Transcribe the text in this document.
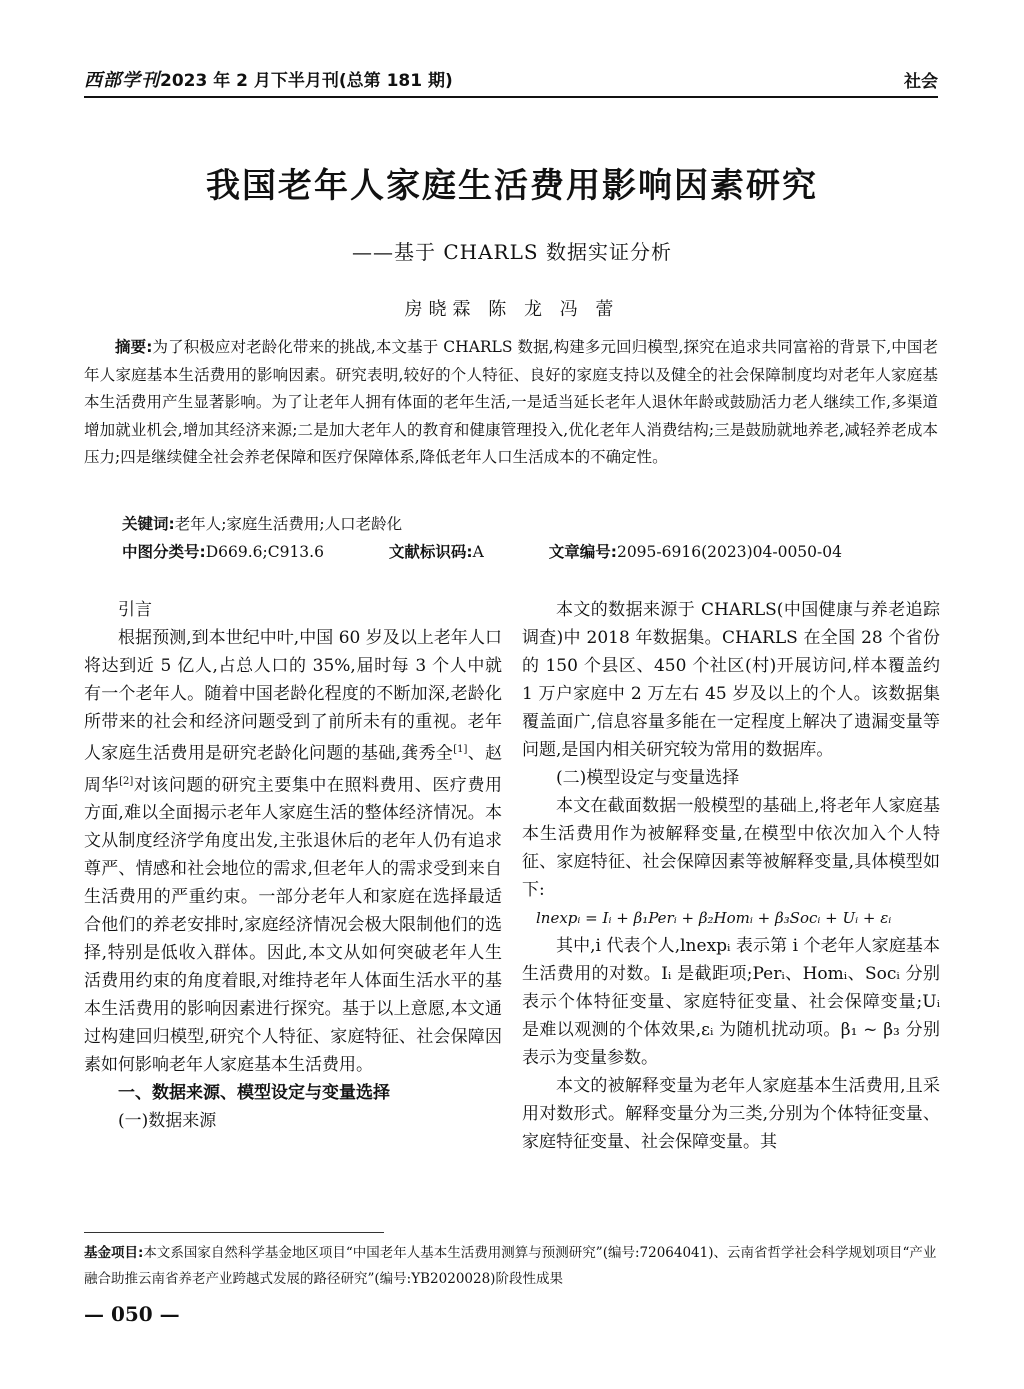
西部学刊2023 年 2 月下半月刊(总第 181 期)	社会
我国老年人家庭生活费用影响因素研究
——基于 CHARLS 数据实证分析
房晓霖 陈 龙 冯 蕾
摘要:为了积极应对老龄化带来的挑战,本文基于 CHARLS 数据,构建多元回归模型,探究在追求共同富裕的背景下,中国老年人家庭基本生活费用的影响因素。研究表明,较好的个人特征、良好的家庭支持以及健全的社会保障制度均对老年人家庭基本生活费用产生显著影响。为了让老年人拥有体面的老年生活,一是适当延长老年人退休年龄或鼓励活力老人继续工作,多渠道增加就业机会,增加其经济来源;二是加大老年人的教育和健康管理投入,优化老年人消费结构;三是鼓励就地养老,减轻养老成本压力;四是继续健全社会养老保障和医疗保障体系,降低老年人口生活成本的不确定性。
关键词:老年人;家庭生活费用;人口老龄化
中图分类号:D669.6;C913.6	文献标识码:A	文章编号:2095-6916(2023)04-0050-04

引言

根据预测,到本世纪中叶,中国 60 岁及以上老年人口将达到近 5 亿人,占总人口的 35%,届时每 3 个人中就有一个老年人。随着中国老龄化程度的不断加深,老龄化所带来的社会和经济问题受到了前所未有的重视。老年人家庭生活费用是研究老龄化问题的基础,龚秀全[1]、赵周华[2]对该问题的研究主要集中在照料费用、医疗费用方面,难以全面揭示老年人家庭生活的整体经济情况。本文从制度经济学角度出发,主张退休后的老年人仍有追求尊严、情感和社会地位的需求,但老年人的需求受到来自生活费用的严重约束。一部分老年人和家庭在选择最适合他们的养老安排时,家庭经济情况会极大限制他们的选择,特别是低收入群体。因此,本文从如何突破老年人生活费用约束的角度着眼,对维持老年人体面生活水平的基本生活费用的影响因素进行探究。基于以上意愿,本文通过构建回归模型,研究个人特征、家庭特征、社会保障因素如何影响老年人家庭基本生活费用。

一、数据来源、模型设定与变量选择

(一)数据来源

本文的数据来源于 CHARLS(中国健康与养老追踪调查)中 2018 年数据集。CHARLS 在全国 28 个省份的 150 个县区、450 个社区(村)开展访问,样本覆盖约 1 万户家庭中 2 万左右 45 岁及以上的个人。该数据集覆盖面广,信息容量多能在一定程度上解决了遗漏变量等问题,是国内相关研究较为常用的数据库。

(二)模型设定与变量选择

本文在截面数据一般模型的基础上,将老年人家庭基本生活费用作为被解释变量,在模型中依次加入个人特征、家庭特征、社会保障因素等被解释变量,具体模型如下:

lnexpᵢ = Iᵢ + β₁Perᵢ + β₂Homᵢ + β₃Socᵢ + Uᵢ + εᵢ

其中,i 代表个人,lnexpᵢ 表示第 i 个老年人家庭基本生活费用的对数。Iᵢ 是截距项;Perᵢ、Homᵢ、Socᵢ 分别表示个体特征变量、家庭特征变量、社会保障变量;Uᵢ 是难以观测的个体效果,εᵢ 为随机扰动项。β₁ ~ β₃ 分别表示为变量参数。

本文的被解释变量为老年人家庭基本生活费用,且采用对数形式。解释变量分为三类,分别为个体特征变量、家庭特征变量、社会保障变量。其

基金项目:本文系国家自然科学基金地区项目“中国老年人基本生活费用测算与预测研究”(编号:72064041)、云南省哲学社会科学规划项目“产业融合助推云南省养老产业跨越式发展的路径研究”(编号:YB2020028)阶段性成果
— 050 —
